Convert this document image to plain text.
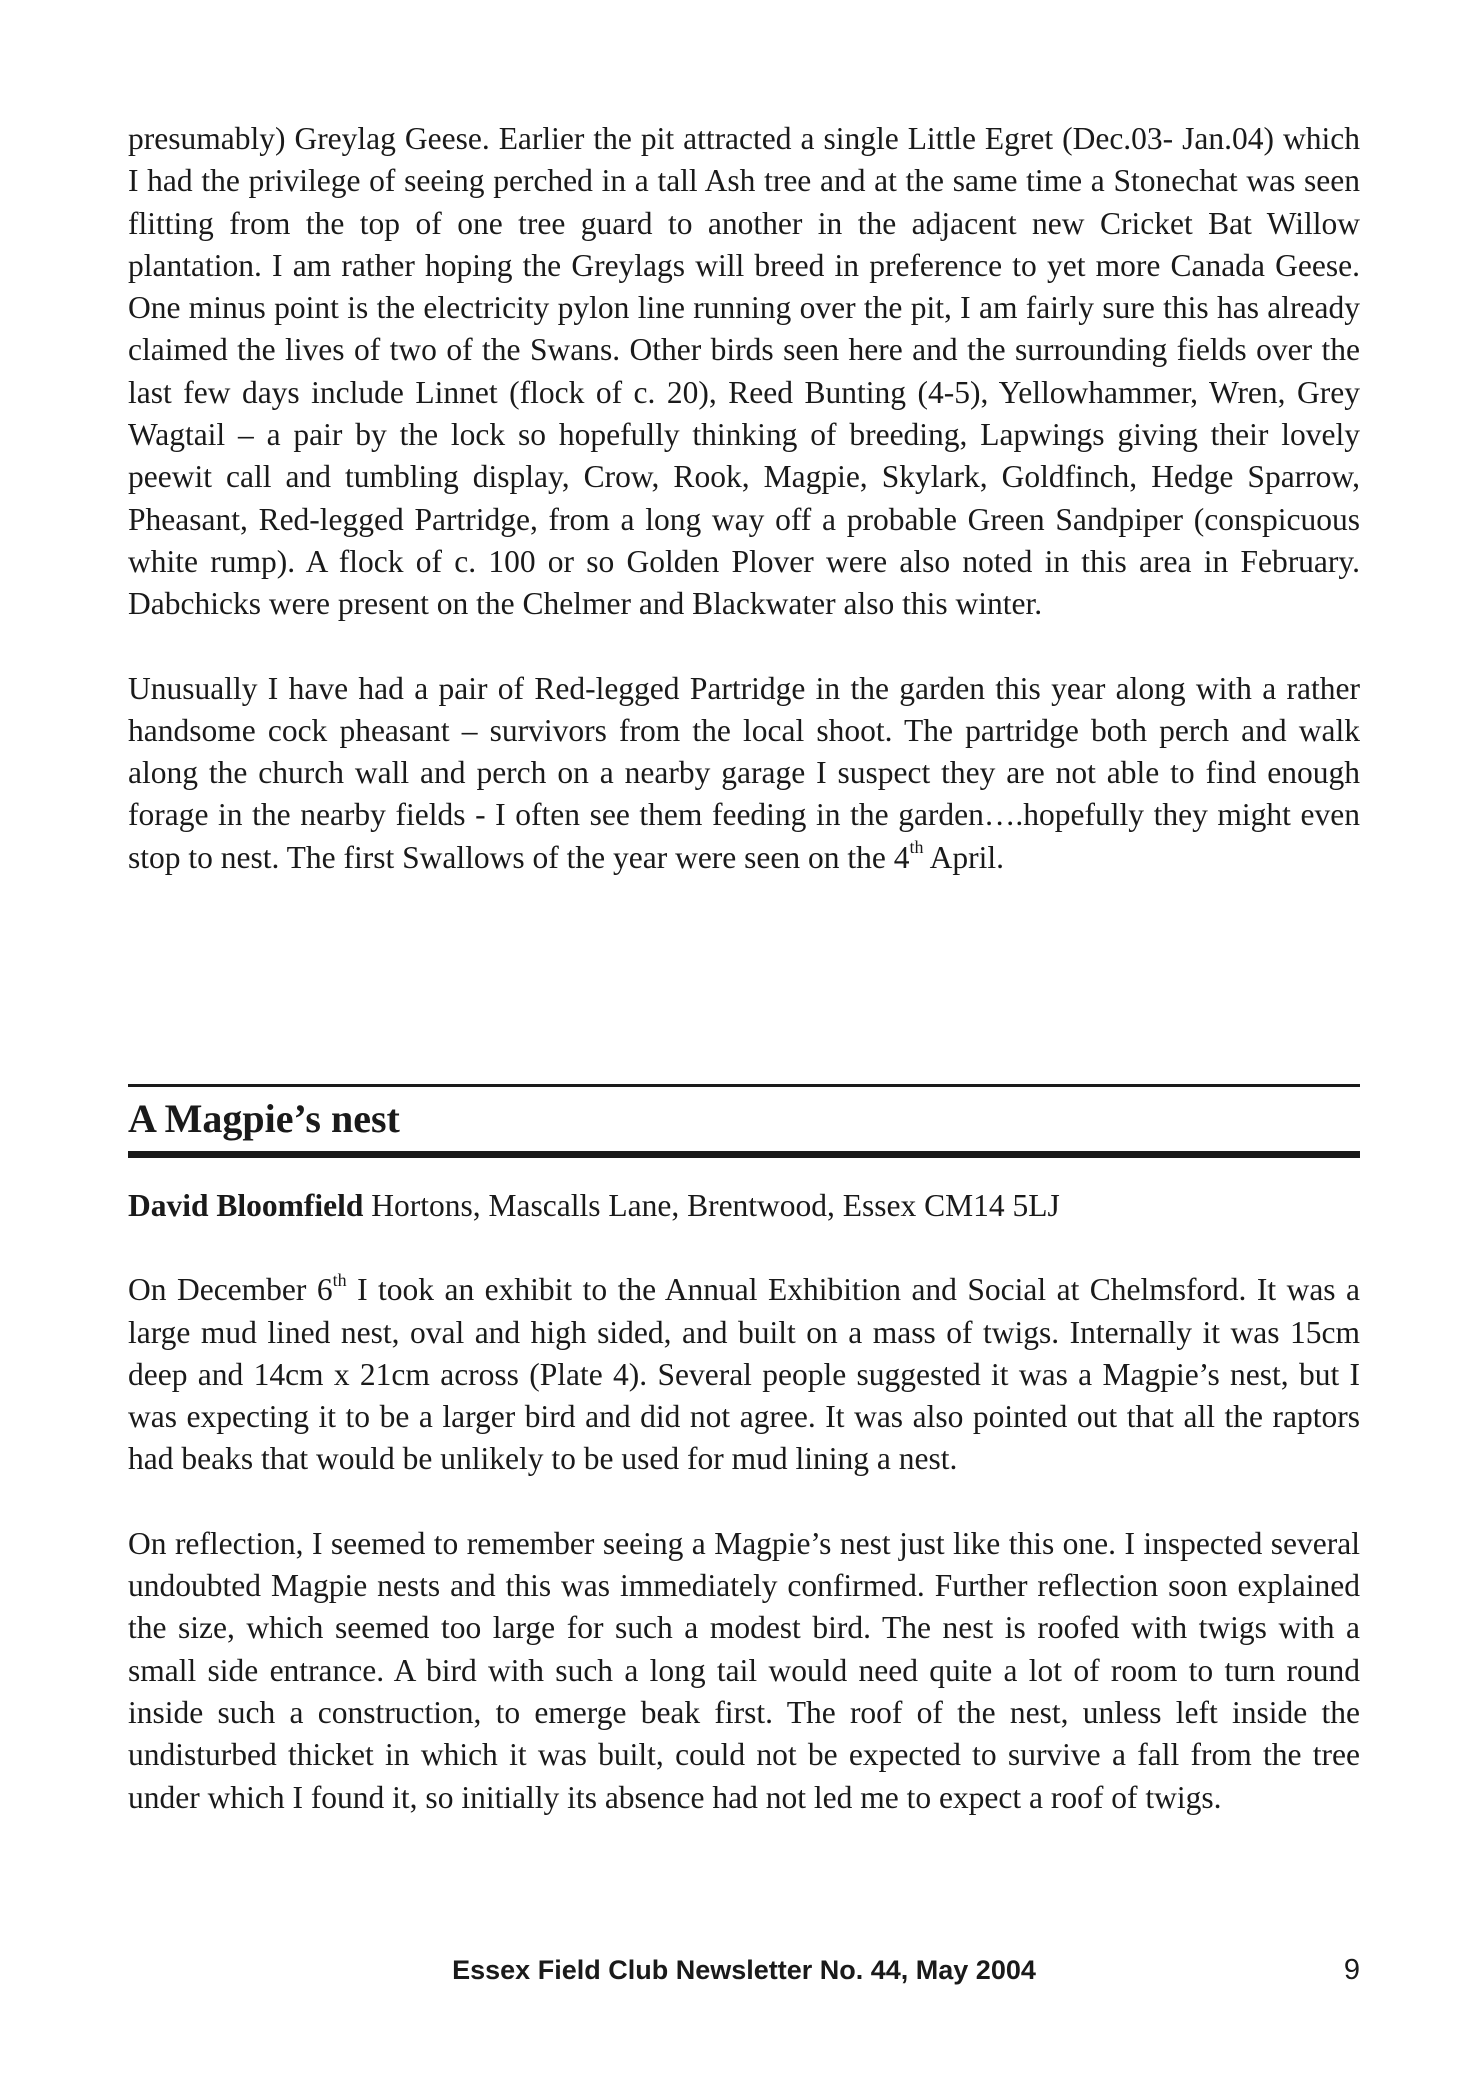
presumably) Greylag Geese. Earlier the pit attracted a single Little Egret (Dec.03- Jan.04) which I had the privilege of seeing perched in a tall Ash tree and at the same time a Stonechat was seen flitting from the top of one tree guard to another in the adjacent new Cricket Bat Willow plantation. I am rather hoping the Greylags will breed in preference to yet more Canada Geese. One minus point is the electricity pylon line running over the pit, I am fairly sure this has already claimed the lives of two of the Swans. Other birds seen here and the surrounding fields over the last few days include Linnet (flock of c. 20), Reed Bunting (4-5), Yellowhammer, Wren, Grey Wagtail – a pair by the lock so hopefully thinking of breeding, Lapwings giving their lovely peewit call and tumbling display, Crow, Rook, Magpie, Skylark, Goldfinch, Hedge Sparrow, Pheasant, Red-legged Partridge, from a long way off a probable Green Sandpiper (conspicuous white rump). A flock of c. 100 or so Golden Plover were also noted in this area in February. Dabchicks were present on the Chelmer and Blackwater also this winter.

Unusually I have had a pair of Red-legged Partridge in the garden this year along with a rather handsome cock pheasant – survivors from the local shoot. The partridge both perch and walk along the church wall and perch on a nearby garage I suspect they are not able to find enough forage in the nearby fields - I often see them feeding in the garden….hopefully they might even stop to nest. The first Swallows of the year were seen on the 4th April.

A Magpie’s nest

David Bloomfield Hortons, Mascalls Lane, Brentwood, Essex CM14 5LJ

On December 6th I took an exhibit to the Annual Exhibition and Social at Chelmsford. It was a large mud lined nest, oval and high sided, and built on a mass of twigs. Internally it was 15cm deep and 14cm x 21cm across (Plate 4). Several people suggested it was a Magpie’s nest, but I was expecting it to be a larger bird and did not agree. It was also pointed out that all the raptors had beaks that would be unlikely to be used for mud lining a nest.

On reflection, I seemed to remember seeing a Magpie’s nest just like this one. I inspected several undoubted Magpie nests and this was immediately confirmed. Further reflection soon explained the size, which seemed too large for such a modest bird. The nest is roofed with twigs with a small side entrance. A bird with such a long tail would need quite a lot of room to turn round inside such a construction, to emerge beak first. The roof of the nest, unless left inside the undisturbed thicket in which it was built, could not be expected to survive a fall from the tree under which I found it, so initially its absence had not led me to expect a roof of twigs.

Essex Field Club Newsletter No. 44, May 2004	9
